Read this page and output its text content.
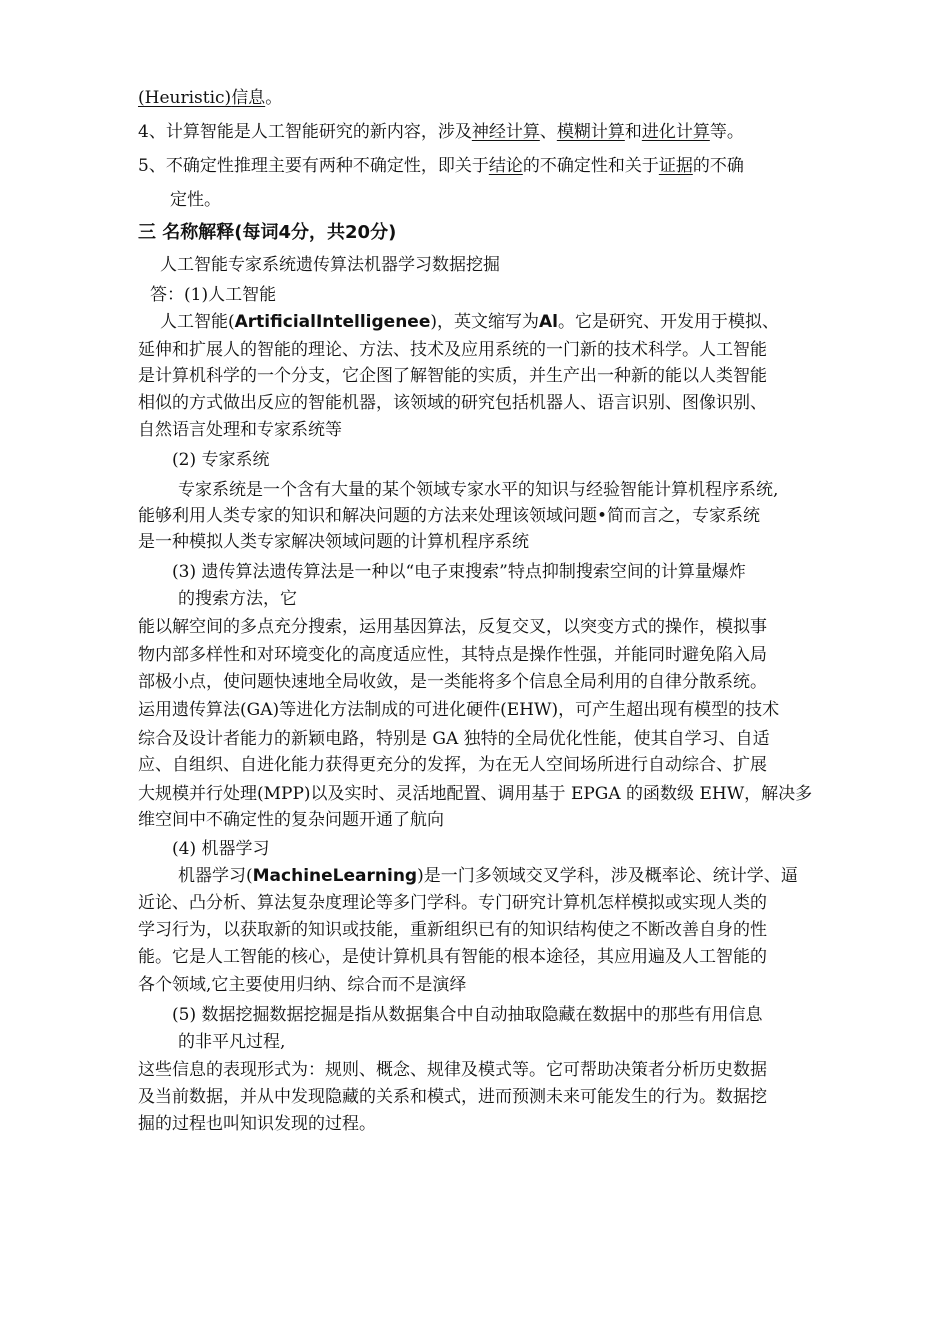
(Heuristic)信息。
4、计算智能是人工智能研究的新内容，涉及神经计算、模糊计算和进化计算等。
5、不确定性推理主要有两种不确定性，即关于结论的不确定性和关于证据的不确
定性。
三 名称解释(每词4分，共20分)
人工智能专家系统遗传算法机器学习数据挖掘
答：(1)人工智能
人工智能(ArtificialIntelligenee)，英文缩写为Al。它是研究、开发用于模拟、
延伸和扩展人的智能的理论、方法、技术及应用系统的一门新的技术科学。人工智能
是计算机科学的一个分支，它企图了解智能的实质，并生产出一种新的能以人类智能
相似的方式做出反应的智能机器，该领域的研究包括机器人、语言识别、图像识别、
自然语言处理和专家系统等
(2) 专家系统
专家系统是一个含有大量的某个领域专家水平的知识与经验智能计算机程序系统,
能够利用人类专家的知识和解决问题的方法来处理该领域问题•简而言之，专家系统
是一种模拟人类专家解决领域问题的计算机程序系统
(3) 遗传算法遗传算法是一种以“电子束搜索”特点抑制搜索空间的计算量爆炸
的搜索方法，它
能以解空间的多点充分搜索，运用基因算法，反复交叉，以突变方式的操作，模拟事
物内部多样性和对环境变化的高度适应性，其特点是操作性强，并能同时避免陷入局
部极小点，使问题快速地全局收敛，是一类能将多个信息全局利用的自律分散系统。
运用遗传算法(GA)等进化方法制成的可进化硬件(EHW)，可产生超出现有模型的技术
综合及设计者能力的新颖电路，特别是 GA 独特的全局优化性能，使其自学习、自适
应、自组织、自进化能力获得更充分的发挥，为在无人空间场所进行自动综合、扩展
大规模并行处理(MPP)以及实时、灵活地配置、调用基于 EPGA 的函数级 EHW，解决多
维空间中不确定性的复杂问题开通了航向
(4) 机器学习
机器学习(MachineLearning)是一门多领域交叉学科，涉及概率论、统计学、逼
近论、凸分析、算法复杂度理论等多门学科。专门研究计算机怎样模拟或实现人类的
学习行为，以获取新的知识或技能，重新组织已有的知识结构使之不断改善自身的性
能。它是人工智能的核心，是使计算机具有智能的根本途径，其应用遍及人工智能的
各个领域,它主要使用归纳、综合而不是演绎
(5) 数据挖掘数据挖掘是指从数据集合中自动抽取隐藏在数据中的那些有用信息
的非平凡过程,
这些信息的表现形式为：规则、概念、规律及模式等。它可帮助决策者分析历史数据
及当前数据，并从中发现隐藏的关系和模式，进而预测未来可能发生的行为。数据挖
掘的过程也叫知识发现的过程。
